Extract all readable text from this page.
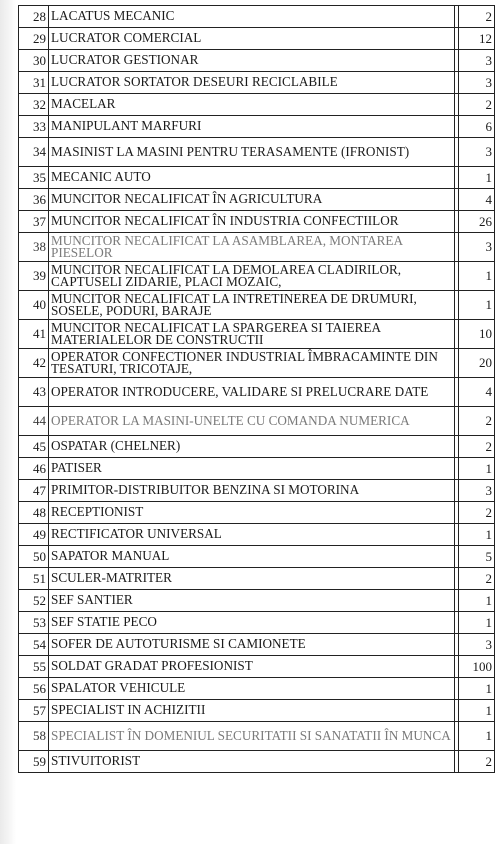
28	LACATUS MECANIC		2
29	LUCRATOR COMERCIAL		12
30	LUCRATOR GESTIONAR		3
31	LUCRATOR SORTATOR DESEURI RECICLABILE		3
32	MACELAR		2
33	MANIPULANT MARFURI		6
34	MASINIST LA MASINI PENTRU TERASAMENTE (IFRONIST)		3
35	MECANIC AUTO		1
36	MUNCITOR NECALIFICAT ÎN AGRICULTURA		4
37	MUNCITOR NECALIFICAT ÎN INDUSTRIA CONFECTIILOR		26
38	MUNCITOR NECALIFICAT LA ASAMBLAREA, MONTAREA PIESELOR		3
39	MUNCITOR NECALIFICAT LA DEMOLAREA CLADIRILOR, CAPTUSELI ZIDARIE, PLACI MOZAIC,		1
40	MUNCITOR NECALIFICAT LA INTRETINEREA DE DRUMURI, SOSELE, PODURI, BARAJE		1
41	MUNCITOR NECALIFICAT LA SPARGEREA SI TAIEREA MATERIALELOR DE CONSTRUCTII		10
42	OPERATOR CONFECTIONER INDUSTRIAL ÎMBRACAMINTE DIN TESATURI, TRICOTAJE,		20
43	OPERATOR INTRODUCERE, VALIDARE SI PRELUCRARE DATE		4
44	OPERATOR LA MASINI-UNELTE CU COMANDA NUMERICA		2
45	OSPATAR (CHELNER)		2
46	PATISER		1
47	PRIMITOR-DISTRIBUITOR BENZINA SI MOTORINA		3
48	RECEPTIONIST		2
49	RECTIFICATOR UNIVERSAL		1
50	SAPATOR MANUAL		5
51	SCULER-MATRITER		2
52	SEF SANTIER		1
53	SEF STATIE PECO		1
54	SOFER DE AUTOTURISME SI CAMIONETE		3
55	SOLDAT GRADAT PROFESIONIST		100
56	SPALATOR VEHICULE		1
57	SPECIALIST IN ACHIZITII		1
58	SPECIALIST ÎN DOMENIUL SECURITATII SI SANATATII ÎN MUNCA		1
59	STIVUITORIST		2
